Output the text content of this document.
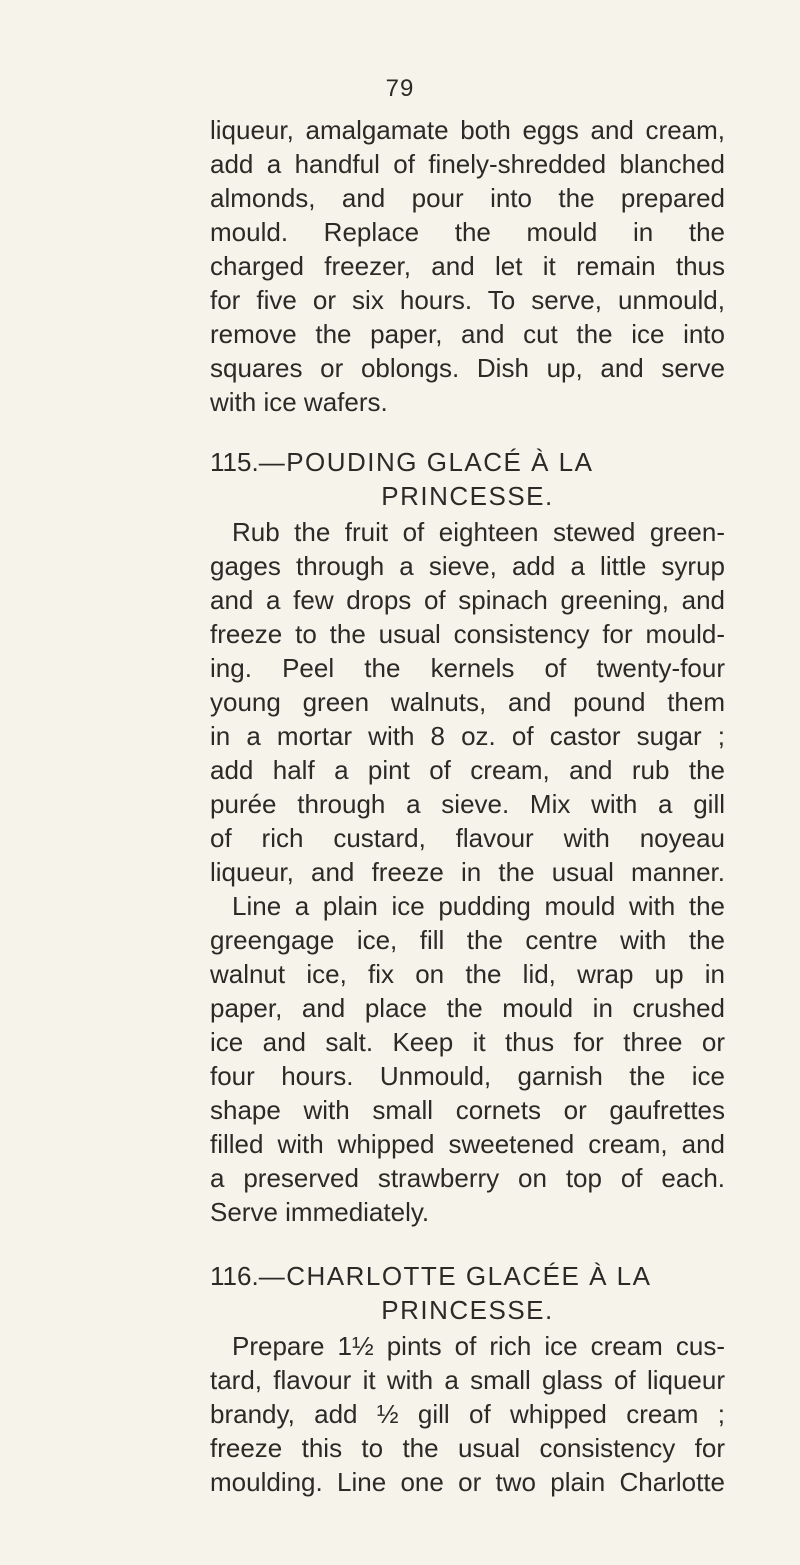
79
liqueur, amalgamate both eggs and cream,
add a handful of finely-shredded blanched
almonds, and pour into the prepared
mould. Replace the mould in the
charged freezer, and let it remain thus
for five or six hours. To serve, unmould,
remove the paper, and cut the ice into
squares or oblongs. Dish up, and serve
with ice wafers.
115.—POUDING GLACÉ À LA
PRINCESSE.
Rub the fruit of eighteen stewed green-
gages through a sieve, add a little syrup
and a few drops of spinach greening, and
freeze to the usual consistency for mould-
ing. Peel the kernels of twenty-four
young green walnuts, and pound them
in a mortar with 8 oz. of castor sugar ;
add half a pint of cream, and rub the
purée through a sieve. Mix with a gill
of rich custard, flavour with noyeau
liqueur, and freeze in the usual manner.
Line a plain ice pudding mould with the
greengage ice, fill the centre with the
walnut ice, fix on the lid, wrap up in
paper, and place the mould in crushed
ice and salt. Keep it thus for three or
four hours. Unmould, garnish the ice
shape with small cornets or gaufrettes
filled with whipped sweetened cream, and
a preserved strawberry on top of each.
Serve immediately.
116.—CHARLOTTE GLACÉE À LA
PRINCESSE.
Prepare 1½ pints of rich ice cream cus-
tard, flavour it with a small glass of liqueur
brandy, add ½ gill of whipped cream ;
freeze this to the usual consistency for
moulding. Line one or two plain Charlotte
